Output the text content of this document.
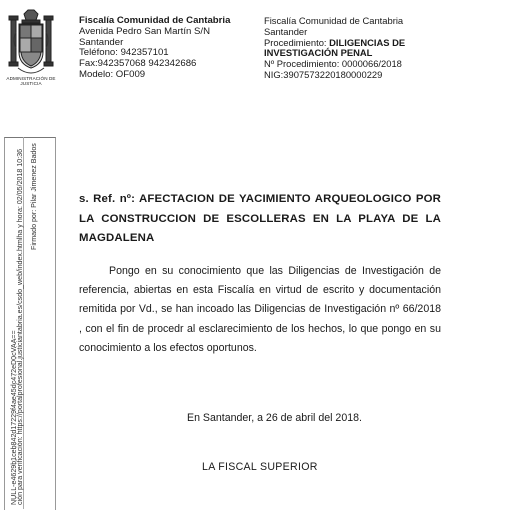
ADMINISTRACIÓN DE JUSTICIA
Fiscalía Comunidad de Cantabria
Avenida Pedro San Martín S/N
Santander
Teléfono: 942357101
Fax:942357068 942342686
Modelo: OF009
Fiscalía Comunidad de Cantabria
Santander
Procedimiento: DILIGENCIAS DE
INVESTIGACIÓN PENAL
Nº Procedimiento: 0000066/2018
NIG:3907573220180000229
NULL-e4629b1ceb842d17229f4ae45dc472eD0cVAA==
ción para verificación: https://portalprofesional.justiciantabria.es/csdo_web/index.htmlha y hora: 02/05/2018 10:36 Firmado por: Pilar Jimenez Bados	s. Ref. nº: AFECTACION DE YACIMIENTO ARQUEOLOGICO POR LA CONSTRUCCION DE ESCOLLERAS EN LA PLAYA DE LA MAGDALENA
Pongo en su conocimiento que las Diligencias de Investigación de referencia, abiertas en esta Fiscalía en virtud de escrito y documentación remitida por Vd., se han incoado las Diligencias de Investigación nº 66/2018 , con el fin de procedr al esclarecimiento de los hechos, lo que pongo en su conocimiento a los efectos oportunos.
En Santander, a 26 de abril del 2018.
LA FISCAL SUPERIOR
